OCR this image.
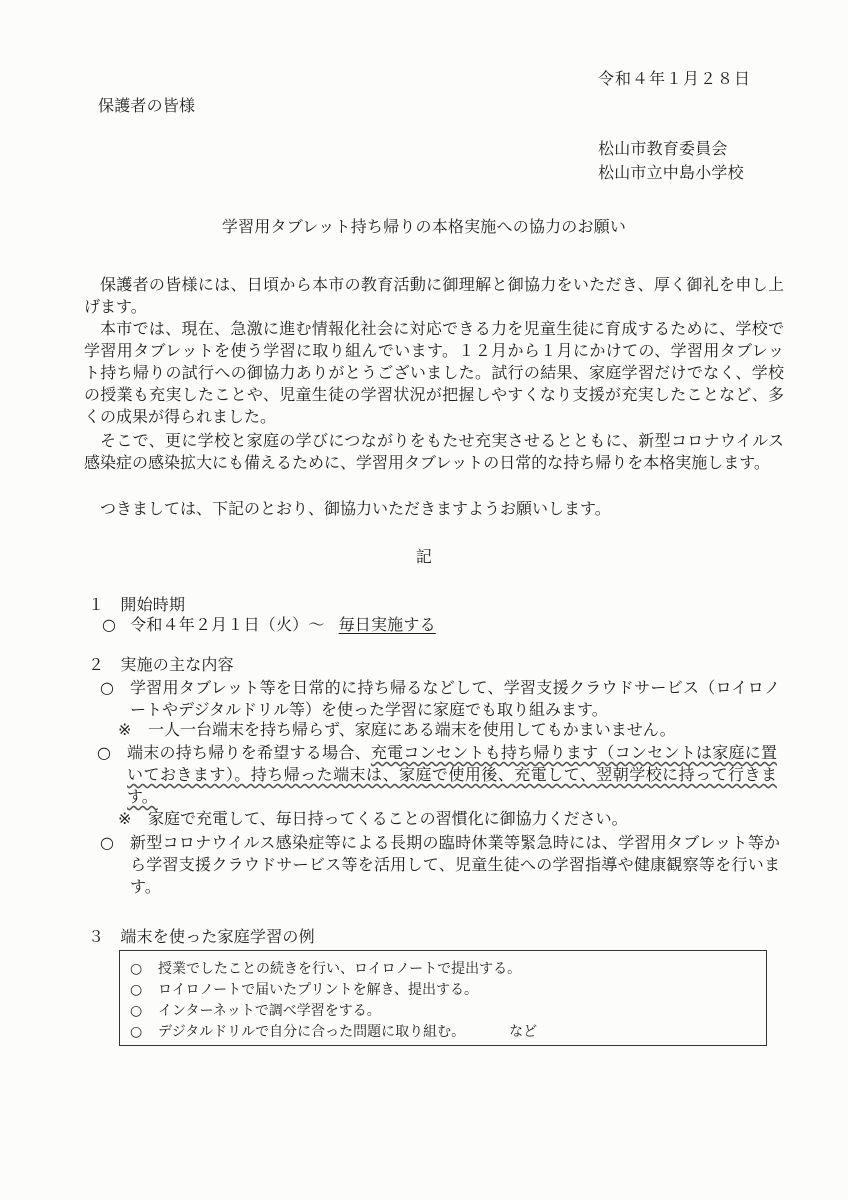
令和４年１月２８日
保護者の皆様
松山市教育委員会
松山市立中島小学校
学習用タブレット持ち帰りの本格実施への協力のお願い
保護者の皆様には、日頃から本市の教育活動に御理解と御協力をいただき、厚く御礼を申し上げます。
本市では、現在、急激に進む情報化社会に対応できる力を児童生徒に育成するために、学校で学習用タブレットを使う学習に取り組んでいます。１２月から１月にかけての、学習用タブレット持ち帰りの試行への御協力ありがとうございました。試行の結果、家庭学習だけでなく、学校の授業も充実したことや、児童生徒の学習状況が把握しやすくなり支援が充実したことなど、多くの成果が得られました。
そこで、更に学校と家庭の学びにつながりをもたせ充実させるとともに、新型コロナウイルス感染症の感染拡大にも備えるために、学習用タブレットの日常的な持ち帰りを本格実施します。
つきましては、下記のとおり、御協力いただきますようお願いします。
記
１　開始時期
○ 令和４年２月１日（火）～ 毎日実施する
２　実施の主な内容
○ 学習用タブレット等を日常的に持ち帰るなどして、学習支援クラウドサービス（ロイロノートやデジタルドリル等）を使った学習に家庭でも取り組みます。
※ 一人一台端末を持ち帰らず、家庭にある端末を使用してもかまいません。
○ 端末の持ち帰りを希望する場合、充電コンセントも持ち帰ります（コンセントは家庭に置いておきます）。持ち帰った端末は、家庭で使用後、充電して、翌朝学校に持って行きます。
※ 家庭で充電して、毎日持ってくることの習慣化に御協力ください。
○ 新型コロナウイルス感染症等による長期の臨時休業等緊急時には、学習用タブレット等から学習支援クラウドサービス等を活用して、児童生徒への学習指導や健康観察等を行います。
３　端末を使った家庭学習の例
○ 授業でしたことの続きを行い、ロイロノートで提出する。
○ ロイロノートで届いたプリントを解き、提出する。
○ インターネットで調べ学習をする。
○ デジタルドリルで自分に合った問題に取り組む。	など
